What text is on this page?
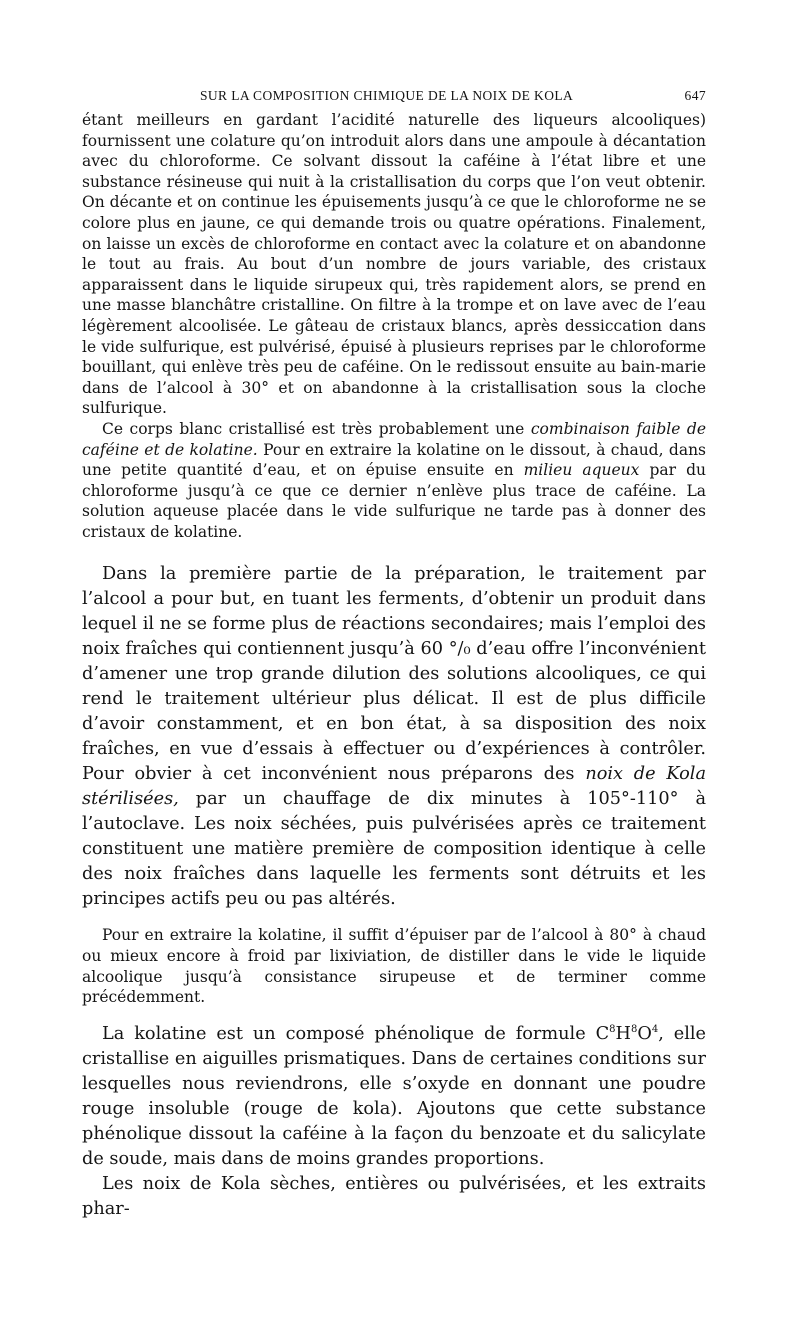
SUR LA COMPOSITION CHIMIQUE DE LA NOIX DE KOLA	647

étant meilleurs en gardant l’acidité naturelle des liqueurs alcooliques) fournissent une colature qu’on introduit alors dans une ampoule à décantation avec du chloroforme. Ce solvant dissout la caféine à l’état libre et une substance résineuse qui nuit à la cristallisation du corps que l’on veut obtenir. On décante et on continue les épuisements jusqu’à ce que le chloroforme ne se colore plus en jaune, ce qui demande trois ou quatre opérations. Finalement, on laisse un excès de chloroforme en contact avec la colature et on abandonne le tout au frais. Au bout d’un nombre de jours variable, des cristaux apparaissent dans le liquide sirupeux qui, très rapidement alors, se prend en une masse blanchâtre cristalline. On filtre à la trompe et on lave avec de l’eau légèrement alcoolisée. Le gâteau de cristaux blancs, après dessiccation dans le vide sulfurique, est pulvérisé, épuisé à plusieurs reprises par le chloroforme bouillant, qui enlève très peu de caféine. On le redissout ensuite au bain-marie dans de l’alcool à 30° et on abandonne à la cristallisation sous la cloche sulfurique.

Ce corps blanc cristallisé est très probablement une combinaison faible de caféine et de kolatine. Pour en extraire la kolatine on le dissout, à chaud, dans une petite quantité d’eau, et on épuise ensuite en milieu aqueux par du chloroforme jusqu’à ce que ce dernier n’enlève plus trace de caféine. La solution aqueuse placée dans le vide sulfurique ne tarde pas à donner des cristaux de kolatine.

Dans la première partie de la préparation, le traitement par l’alcool a pour but, en tuant les ferments, d’obtenir un produit dans lequel il ne se forme plus de réactions secondaires; mais l’emploi des noix fraîches qui contiennent jusqu’à 60 °/₀ d’eau offre l’inconvénient d’amener une trop grande dilution des solutions alcooliques, ce qui rend le traitement ultérieur plus délicat. Il est de plus difficile d’avoir constamment, et en bon état, à sa disposition des noix fraîches, en vue d’essais à effectuer ou d’expériences à contrôler. Pour obvier à cet inconvénient nous préparons des noix de Kola stérilisées, par un chauffage de dix minutes à 105°-110° à l’autoclave. Les noix séchées, puis pulvérisées après ce traitement constituent une matière première de composition identique à celle des noix fraîches dans laquelle les ferments sont détruits et les principes actifs peu ou pas altérés.

Pour en extraire la kolatine, il suffit d’épuiser par de l’alcool à 80° à chaud ou mieux encore à froid par lixiviation, de distiller dans le vide le liquide alcoolique jusqu’à consistance sirupeuse et de terminer comme précédemment.

La kolatine est un composé phénolique de formule $C^8H^8O^4$, elle cristallise en aiguilles prismatiques. Dans de certaines conditions sur lesquelles nous reviendrons, elle s’oxyde en donnant une poudre rouge insoluble (rouge de kola). Ajoutons que cette substance phénolique dissout la caféine à la façon du benzoate et du salicylate de soude, mais dans de moins grandes proportions.

Les noix de Kola sèches, entières ou pulvérisées, et les extraits phar-
